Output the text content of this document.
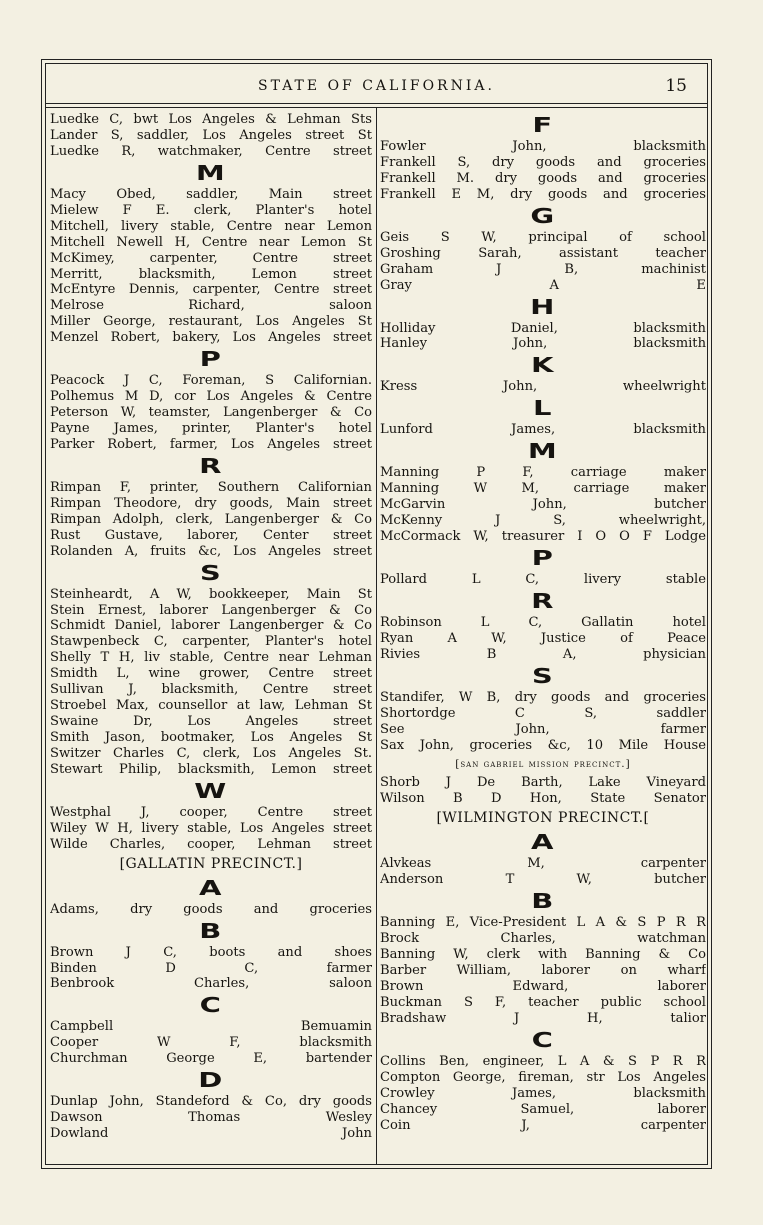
STATE OF CALIFORNIA.	15
Luedke C, bwt Los Angeles & Lehman Sts
Lander S, saddler, Los Angeles street St
Luedke R, watchmaker, Centre street
M
Macy Obed, saddler, Main street
Mielew F E. clerk, Planter's hotel
Mitchell, livery stable, Centre near Lemon
Mitchell Newell H, Centre near Lemon St
McKimey, carpenter, Centre street
Merritt, blacksmith, Lemon street
McEntyre Dennis, carpenter, Centre street
Melrose Richard, saloon
Miller George, restaurant, Los Angeles St
Menzel Robert, bakery, Los Angeles street
P
Peacock J C, Foreman, S Californian.
Polhemus M D, cor Los Angeles & Centre
Peterson W, teamster, Langenberger & Co
Payne James, printer, Planter's hotel
Parker Robert, farmer, Los Angeles street
R
Rimpan F, printer, Southern Californian
Rimpan Theodore, dry goods, Main street
Rimpan Adolph, clerk, Langenberger & Co
Rust Gustave, laborer, Center street
Rolanden A, fruits &c, Los Angeles street
S
Steinheardt, A W, bookkeeper, Main St
Stein Ernest, laborer Langenberger & Co
Schmidt Daniel, laborer Langenberger & Co
Stawpenbeck C, carpenter, Planter's hotel
Shelly T H, liv stable, Centre near Lehman
Smidth L, wine grower, Centre street
Sullivan J, blacksmith, Centre street
Stroebel Max, counsellor at law, Lehman St
Swaine Dr, Los Angeles street
Smith Jason, bootmaker, Los Angeles St
Switzer Charles C, clerk, Los Angeles St.
Stewart Philip, blacksmith, Lemon street
W
Westphal J, cooper, Centre street
Wiley W H, livery stable, Los Angeles street
Wilde Charles, cooper, Lehman street
[GALLATIN PRECINCT.]
A
Adams, dry goods and groceries
B
Brown J C, boots and shoes
Binden D C, farmer
Benbrook Charles, saloon
C
Campbell Bemuamin
Cooper W F, blacksmith
Churchman George E, bartender
D
Dunlap John, Standeford & Co, dry goods
Dawson Thomas Wesley
Dowland John
F
Fowler John, blacksmith
Frankell S, dry goods and groceries
Frankell M. dry goods and groceries
Frankell E M, dry goods and groceries
G
Geis S W, principal of school
Groshing Sarah, assistant teacher
Graham J B, machinist
Gray A E
H
Holliday Daniel, blacksmith
Hanley John, blacksmith
K
Kress John, wheelwright
L
Lunford James, blacksmith
M
Manning P F, carriage maker
Manning W M, carriage maker
McGarvin John, butcher
McKenny J S, wheelwright,
McCormack W, treasurer I O O F Lodge
P
Pollard L C, livery stable
R
Robinson L C, Gallatin hotel
Ryan A W, Justice of Peace
Rivies B A, physician
S
Standifer, W B, dry goods and groceries
Shortordge C S, saddler
See John, farmer
Sax John, groceries &c, 10 Mile House
[san gabriel mission precinct.]
Shorb J De Barth, Lake Vineyard
Wilson B D Hon, State Senator
[WILMINGTON PRECINCT.[
A
Alvkeas M, carpenter
Anderson T W, butcher
B
Banning E, Vice-President L A & S P R R
Brock Charles, watchman
Banning W, clerk with Banning & Co
Barber William, laborer on wharf
Brown Edward, laborer
Buckman S F, teacher public school
Bradshaw J H, talior
C
Collins Ben, engineer, L A & S P R R
Compton George, fireman, str Los Angeles
Crowley James, blacksmith
Chancey Samuel, laborer
Coin J, carpenter
